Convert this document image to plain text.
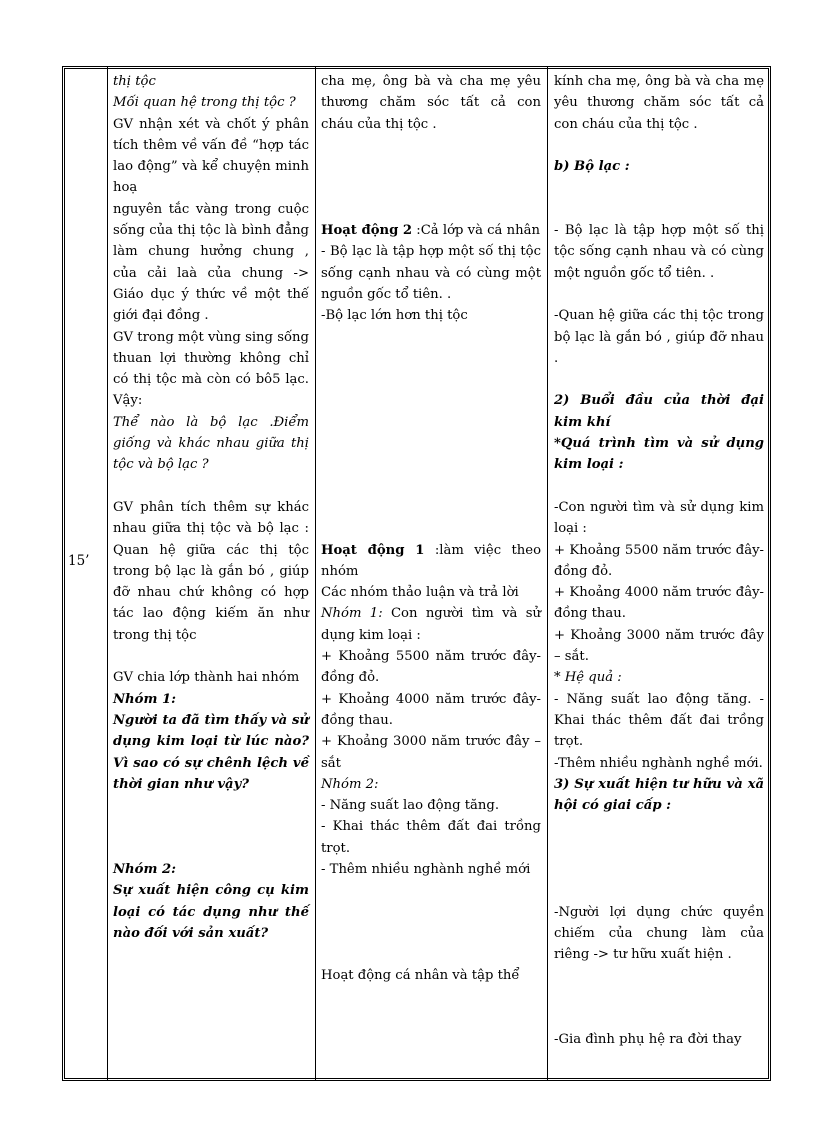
15’

thị tộc

Mối quan hệ trong thị tộc ?

GV nhận xét và chốt ý phân tích thêm về vấn đề “hợp tác lao động” và kể chuyện minh hoạ

nguyên tắc vàng trong cuộc sống của thị tộc là bình đẳng làm chung hưởng chung , của cải laà của chung -> Giáo dục ý thức về một thế giới đại đồng .

GV trong một vùng sing sống thuan lợi thường không chỉ có thị tộc mà còn có bô5 lạc. Vậy:

Thể nào là bộ lạc .Điểm giống và khác nhau giữa thị tộc và bộ lạc ?

GV phân tích thêm sự khác nhau giữa thị tộc và bộ lạc : Quan hệ giữa các thị tộc trong bộ lạc là gắn bó , giúp đỡ nhau chứ không có hợp tác lao động kiếm ăn như trong thị tộc

GV chia lớp thành hai nhóm

Nhóm 1:

Người ta đã tìm thấy và sử dụng kim loại từ lúc nào? Vì sao có sự chênh lệch về thời gian như vậy?

Nhóm 2:

Sự xuất hiện công cụ kim loại có tác dụng như thế nào đối với sản xuất?

cha mẹ, ông bà và cha mẹ yêu thương chăm sóc tất cả con cháu của thị tộc .

Hoạt động 2 :Cả lớp và cá nhân

- Bộ lạc là tập hợp một số thị tộc sống cạnh nhau và có cùng một nguồn gốc tổ tiên. .

-Bộ lạc lớn hơn thị tộc

Hoạt động 1 :làm việc theo nhóm

Các nhóm thảo luận và trả lời

Nhóm 1: Con người tìm và sử dụng kim loại :

+ Khoảng 5500 năm trước đây-đồng đỏ.

+ Khoảng 4000 năm trước đây-đồng thau.

+ Khoảng 3000 năm trước đây – sắt

Nhóm 2:

- Năng suất lao động tăng.

- Khai thác thêm đất đai trồng trọt.

- Thêm nhiều nghành nghề mới

Hoạt động cá nhân và tập thể

kính cha mẹ, ông bà và cha mẹ yêu thương chăm sóc tất cả con cháu của thị tộc .

b) Bộ lạc :

- Bộ lạc là tập hợp một số thị tộc sống cạnh nhau và có cùng một nguồn gốc tổ tiên. .

-Quan hệ giữa các thị tộc trong bộ lạc là gắn bó , giúp đỡ nhau .

2) Buổi đầu của thời đại kim khí

*Quá trình tìm và sử dụng kim loại :

-Con người tìm và sử dụng kim loại :

+ Khoảng 5500 năm trước đây- đồng đỏ.

+ Khoảng 4000 năm trước đây- đồng thau.

+ Khoảng 3000 năm trước đây – sắt.

* Hệ quả :

- Năng suất lao động tăng. - Khai thác thêm đất đai trồng trọt.

-Thêm nhiều nghành nghề mới.

3) Sự xuất hiện tư hữu và xã hội có giai cấp :

-Người lợi dụng chức quyền chiếm của chung làm của riêng -> tư hữu xuất hiện .

-Gia đình phụ hệ ra đời thay
